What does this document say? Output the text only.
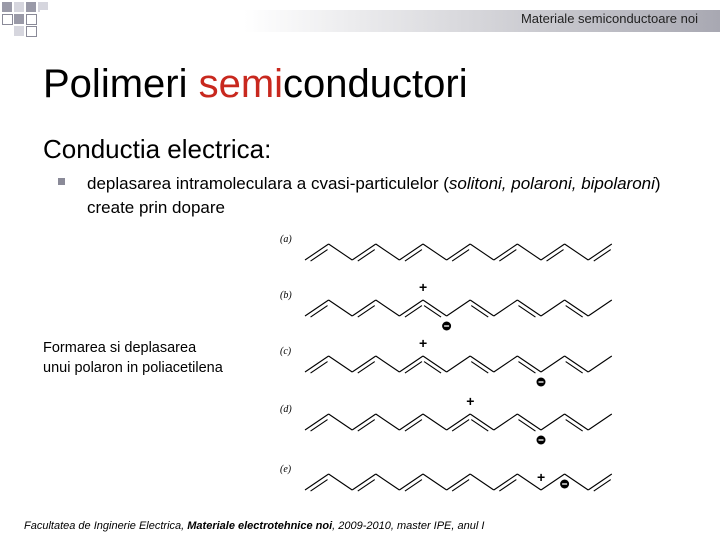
Materiale semiconductoare noi
Polimeri semiconductori
Conductia electrica:
deplasarea intramoleculara a cvasi-particulelor (solitoni, polaroni, bipolaroni) create prin dopare
Formarea si deplasarea
unui polaron in poliacetilena
(a)
(b)
+
(c)
+
(d)
+
(e)	+
Facultatea de Inginerie Electrica, Materiale electrotehnice noi, 2009-2010, master IPE, anul I
